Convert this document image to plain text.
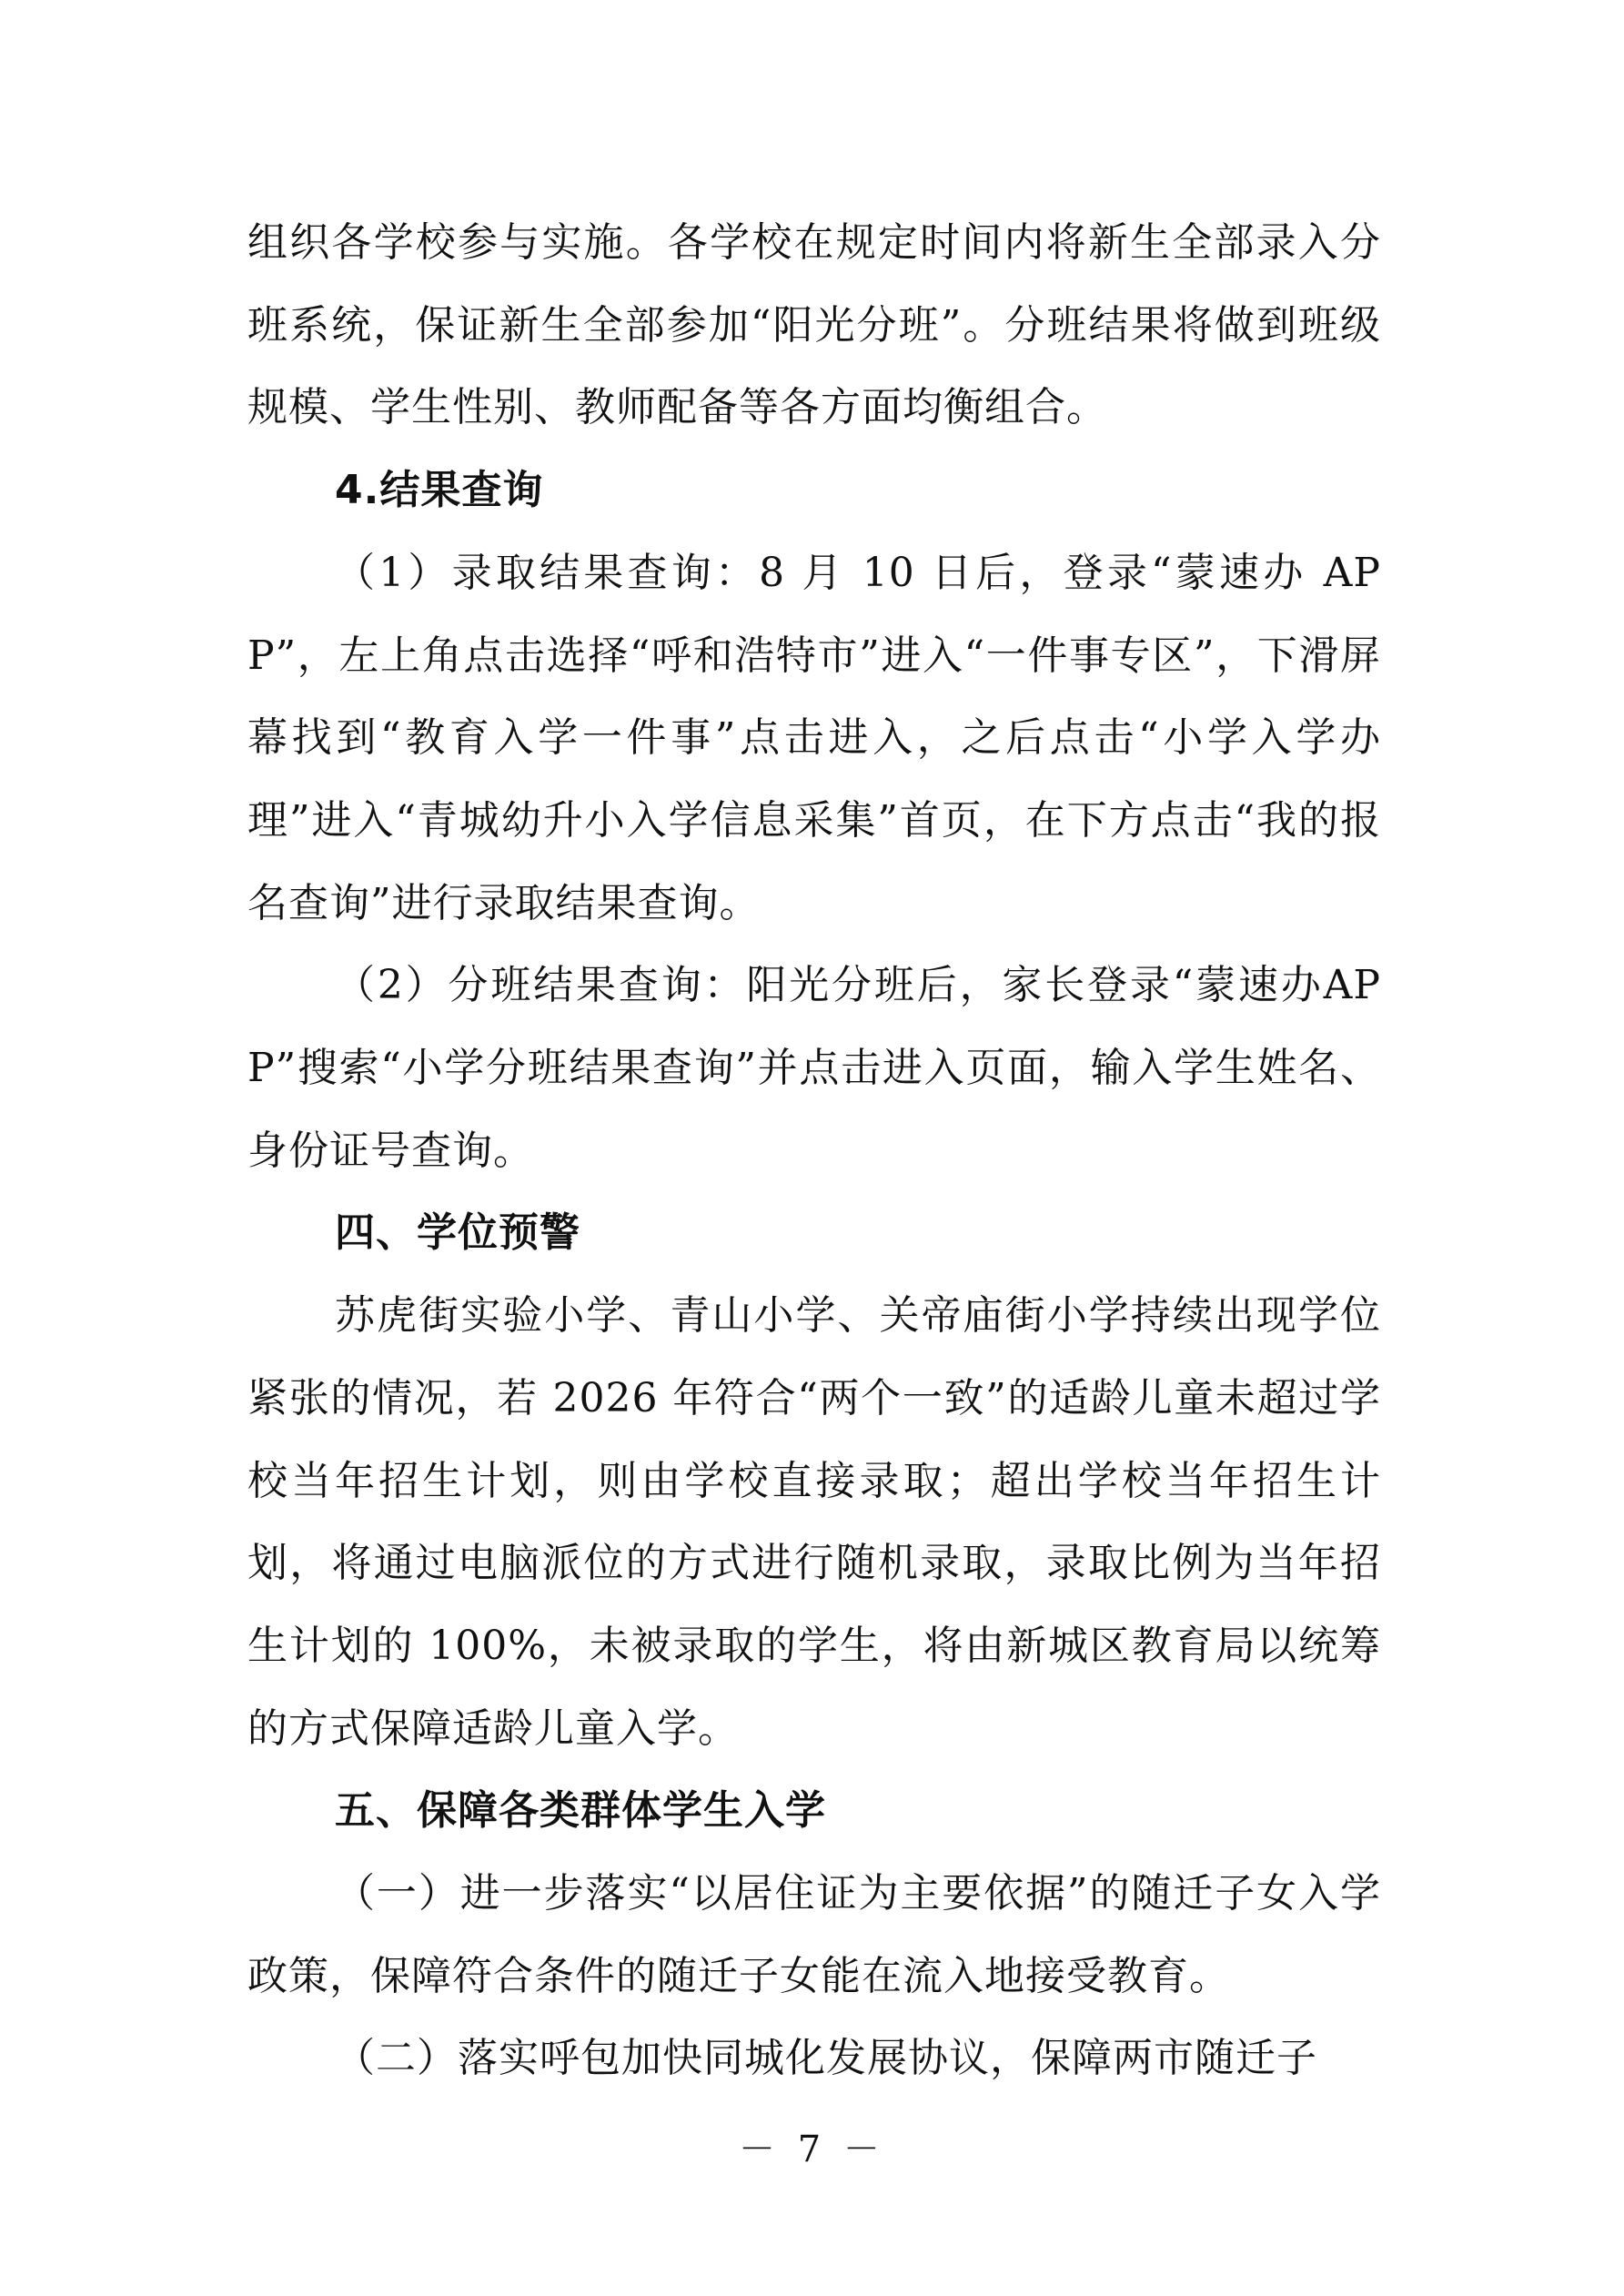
组织各学校参与实施。各学校在规定时间内将新生全部录入分班系统，保证新生全部参加“阳光分班”。分班结果将做到班级规模、学生性别、教师配备等各方面均衡组合。

4.结果查询

（1）录取结果查询：8 月 10 日后，登录“蒙速办 APP”，左上角点击选择“呼和浩特市”进入“一件事专区”，下滑屏幕找到“教育入学一件事”点击进入，之后点击“小学入学办理”进入“青城幼升小入学信息采集”首页，在下方点击“我的报名查询”进行录取结果查询。

（2）分班结果查询：阳光分班后，家长登录“蒙速办APP”搜索“小学分班结果查询”并点击进入页面，输入学生姓名、身份证号查询。

四、学位预警

苏虎街实验小学、青山小学、关帝庙街小学持续出现学位紧张的情况，若 2026 年符合“两个一致”的适龄儿童未超过学校当年招生计划，则由学校直接录取；超出学校当年招生计划，将通过电脑派位的方式进行随机录取，录取比例为当年招生计划的 100%，未被录取的学生，将由新城区教育局以统筹的方式保障适龄儿童入学。

五、保障各类群体学生入学

（一）进一步落实“以居住证为主要依据”的随迁子女入学政策，保障符合条件的随迁子女能在流入地接受教育。

（二）落实呼包加快同城化发展协议，保障两市随迁子

－ 7 －
